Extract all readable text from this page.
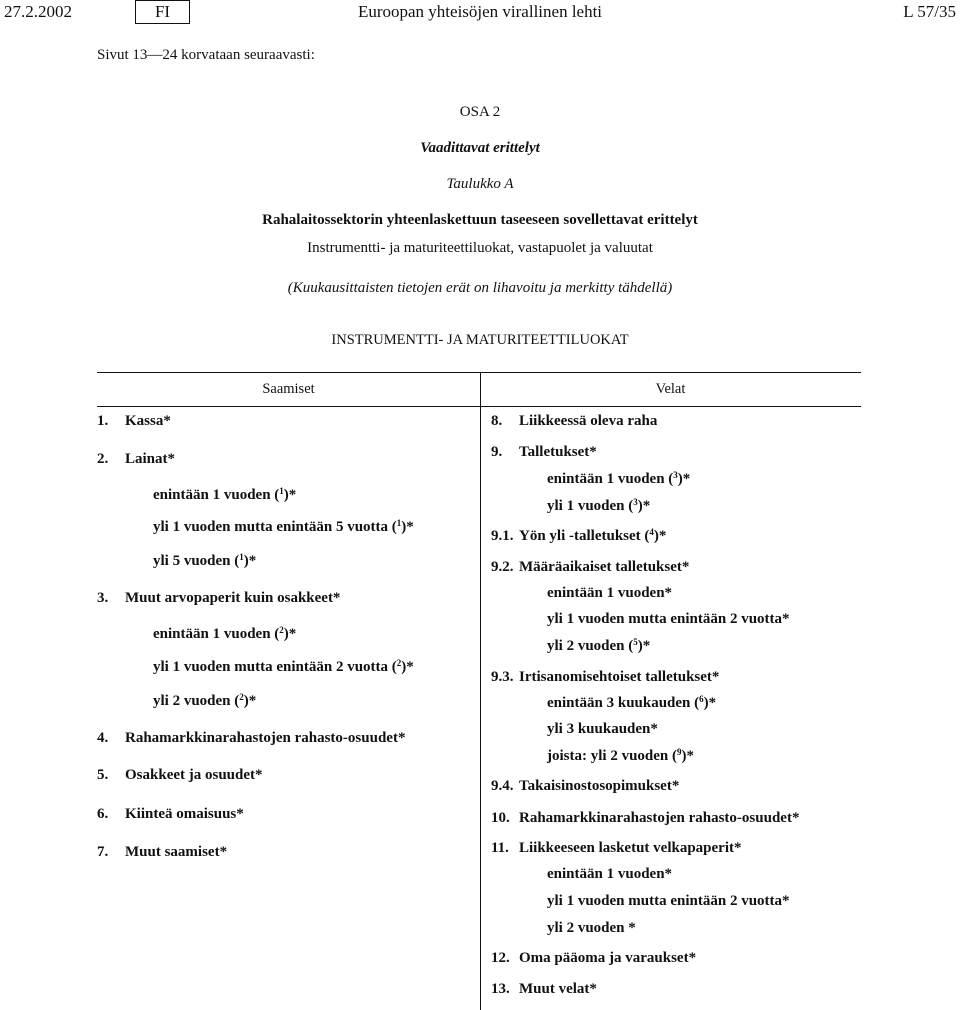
27.2.2002	FI	Euroopan yhteisöjen virallinen lehti	L 57/35
Sivut 13—24 korvataan seuraavasti:
OSA 2
Vaadittavat erittelyt
Taulukko A
Rahalaitossektorin yhteenlaskettuun taseeseen sovellettavat erittelyt
Instrumentti- ja maturiteettiluokat, vastapuolet ja valuutat
(Kuukausittaisten tietojen erät on lihavoitu ja merkitty tähdellä)
INSTRUMENTTI- JA MATURITEETTILUOKAT
Saamiset	Velat
1. Kassa*
2. Lainat*
enintään 1 vuoden ($^1$)*
yli 1 vuoden mutta enintään 5 vuotta ($^1$)*
yli 5 vuoden ($^1$)*
3. Muut arvopaperit kuin osakkeet*
enintään 1 vuoden ($^2$)*
yli 1 vuoden mutta enintään 2 vuotta ($^2$)*
yli 2 vuoden ($^2$)*
4. Rahamarkkinarahastojen rahasto-osuudet*
5. Osakkeet ja osuudet*
6. Kiinteä omaisuus*
7. Muut saamiset*
8. Liikkeessä oleva raha
9. Talletukset*
enintään 1 vuoden ($^3$)*
yli 1 vuoden ($^3$)*
9.1. Yön yli -talletukset ($^4$)*
9.2. Määräaikaiset talletukset*
enintään 1 vuoden*
yli 1 vuoden mutta enintään 2 vuotta*
yli 2 vuoden ($^5$)*
9.3. Irtisanomisehtoiset talletukset*
enintään 3 kuukauden ($^6$)*
yli 3 kuukauden*
joista: yli 2 vuoden ($^9$)*
9.4. Takaisinostosopimukset*
10. Rahamarkkinarahastojen rahasto-osuudet*
11. Liikkeeseen lasketut velkapaperit*
enintään 1 vuoden*
yli 1 vuoden mutta enintään 2 vuotta*
yli 2 vuoden *
12. Oma pääoma ja varaukset*
13. Muut velat*
